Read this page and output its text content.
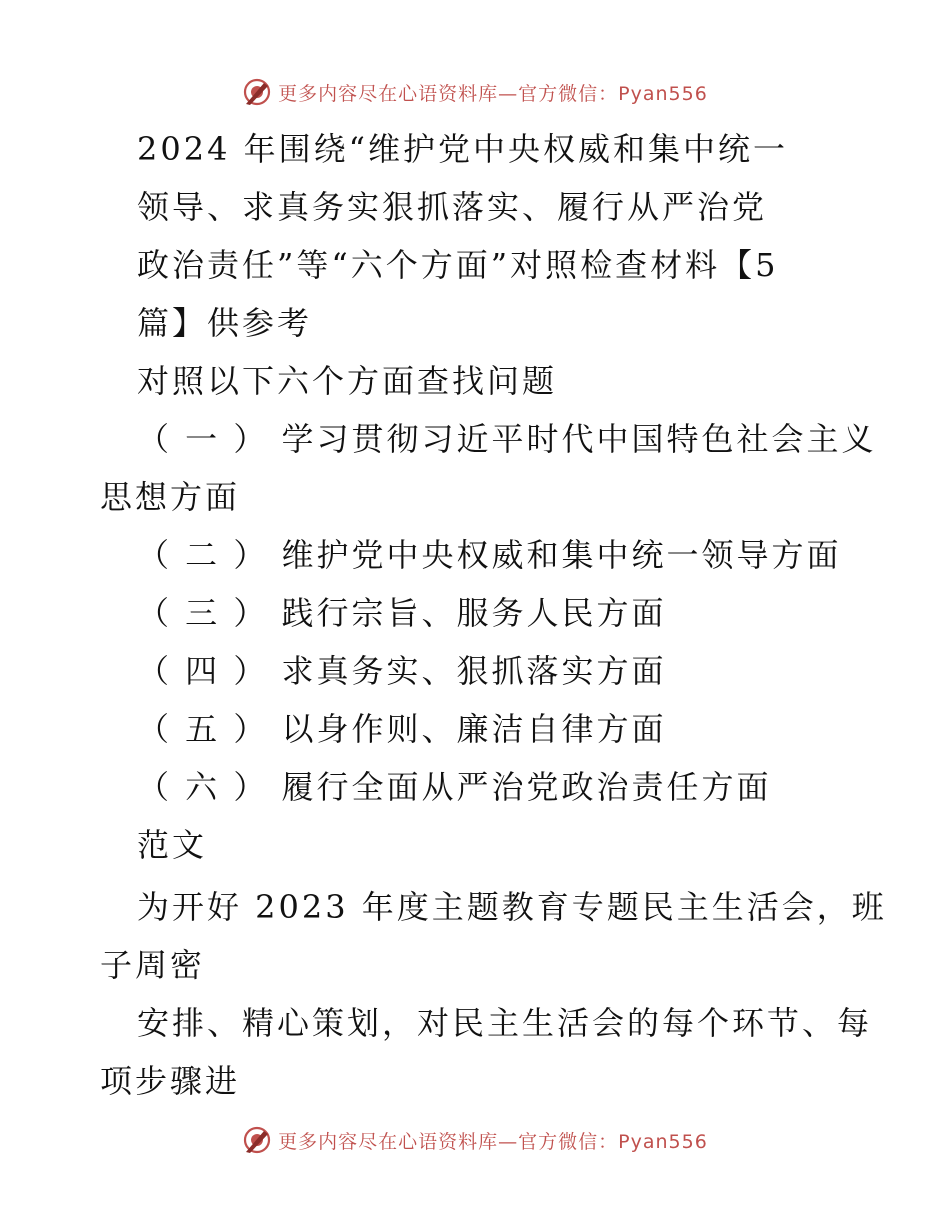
更多内容尽在心语资料库—官方微信：Pyan556
2024 年围绕“维护党中央权威和集中统一
领导、求真务实狠抓落实、履行从严治党
政治责任”等“六个方面”对照检查材料【5
篇】供参考
对照以下六个方面查找问题
（ 一 ） 学习贯彻习近平时代中国特色社会主义
思想方面
（ 二 ） 维护党中央权威和集中统一领导方面
（ 三 ） 践行宗旨、服务人民方面
（ 四 ） 求真务实、狠抓落实方面
（ 五 ） 以身作则、廉洁自律方面
（ 六 ） 履行全面从严治党政治责任方面
范文
为开好 2023 年度主题教育专题民主生活会，班
子周密
安排、精心策划，对民主生活会的每个环节、每
项步骤进
更多内容尽在心语资料库—官方微信：Pyan556
